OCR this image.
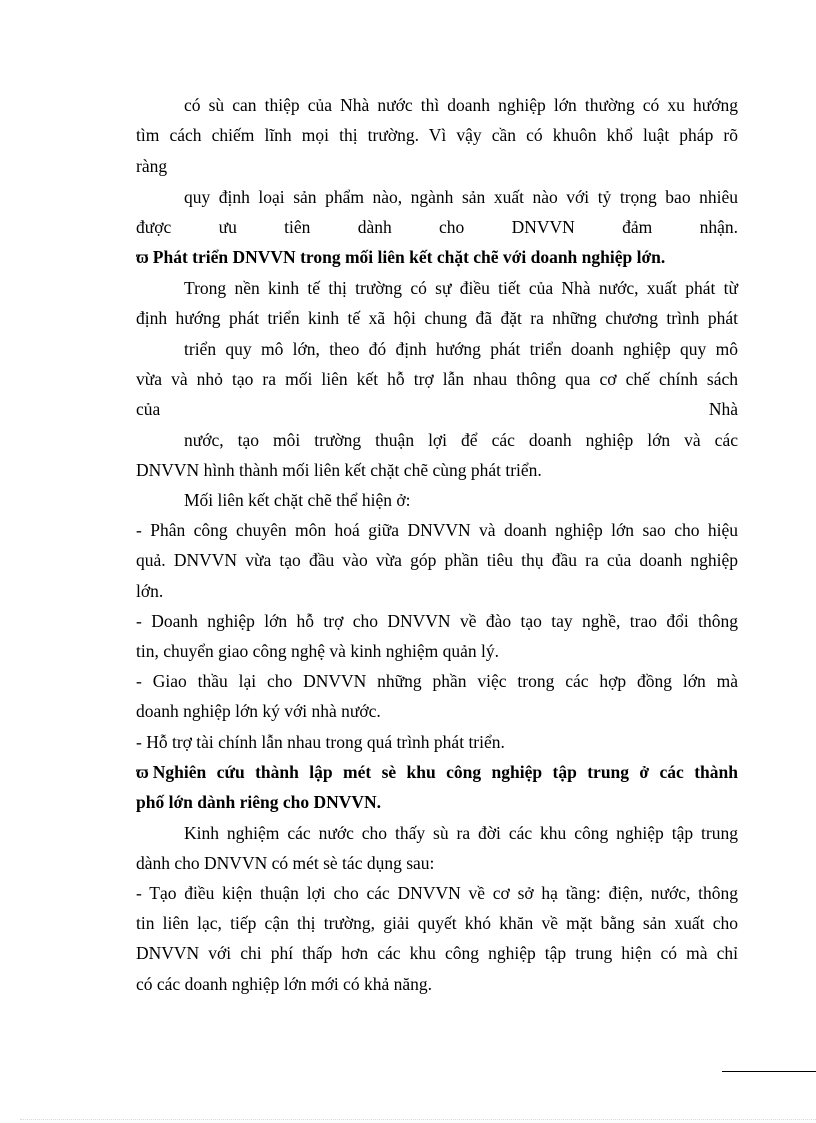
có sù can thiệp của Nhà nước thì doanh nghiệp lớn thường có xu hướng
tìm cách chiếm lĩnh mọi thị trường. Vì vậy cần có khuôn khổ luật pháp rõ
ràng
quy định loại sản phẩm nào, ngành sản xuất nào với tỷ trọng bao nhiêu
được ưu tiên dành cho DNVVN đảm nhận.
ϖ Phát triển DNVVN trong mối liên kết chặt chẽ với doanh nghiệp lớn.
Trong nền kinh tế thị trường có sự điều tiết của Nhà nước, xuất phát từ
định hướng phát triển kinh tế xã hội chung đã đặt ra những chương trình phát
triển quy mô lớn, theo đó định hướng phát triển doanh nghiệp quy mô
vừa và nhỏ tạo ra mối liên kết hỗ trợ lẫn nhau thông qua cơ chế chính sách
của Nhà
nước, tạo môi trường thuận lợi để các doanh nghiệp lớn và các
DNVVN hình thành mối liên kết chặt chẽ cùng phát triển.
Mối liên kết chặt chẽ thể hiện ở:
- Phân công chuyên môn hoá giữa DNVVN và doanh nghiệp lớn sao cho hiệu
quả. DNVVN vừa tạo đầu vào vừa góp phần tiêu thụ đầu ra của doanh nghiệp
lớn.
- Doanh nghiệp lớn hỗ trợ cho DNVVN về đào tạo tay nghề, trao đổi thông
tin, chuyển giao công nghệ và kinh nghiệm quản lý.
- Giao thầu lại cho DNVVN những phần việc trong các hợp đồng lớn mà
doanh nghiệp lớn ký với nhà nước.
- Hỗ trợ tài chính lẫn nhau trong quá trình phát triển.
ϖ Nghiên cứu thành lập mét sè khu công nghiệp tập trung ở các thành
phố lớn dành riêng cho DNVVN.
Kinh nghiệm các nước cho thấy sù ra đời các khu công nghiệp tập trung
dành cho DNVVN có mét sè tác dụng sau:
- Tạo điều kiện thuận lợi cho các DNVVN về cơ sở hạ tầng: điện, nước, thông
tin liên lạc, tiếp cận thị trường, giải quyết khó khăn về mặt bằng sản xuất cho
DNVVN với chi phí thấp hơn các khu công nghiệp tập trung hiện có mà chỉ
có các doanh nghiệp lớn mới có khả năng.
